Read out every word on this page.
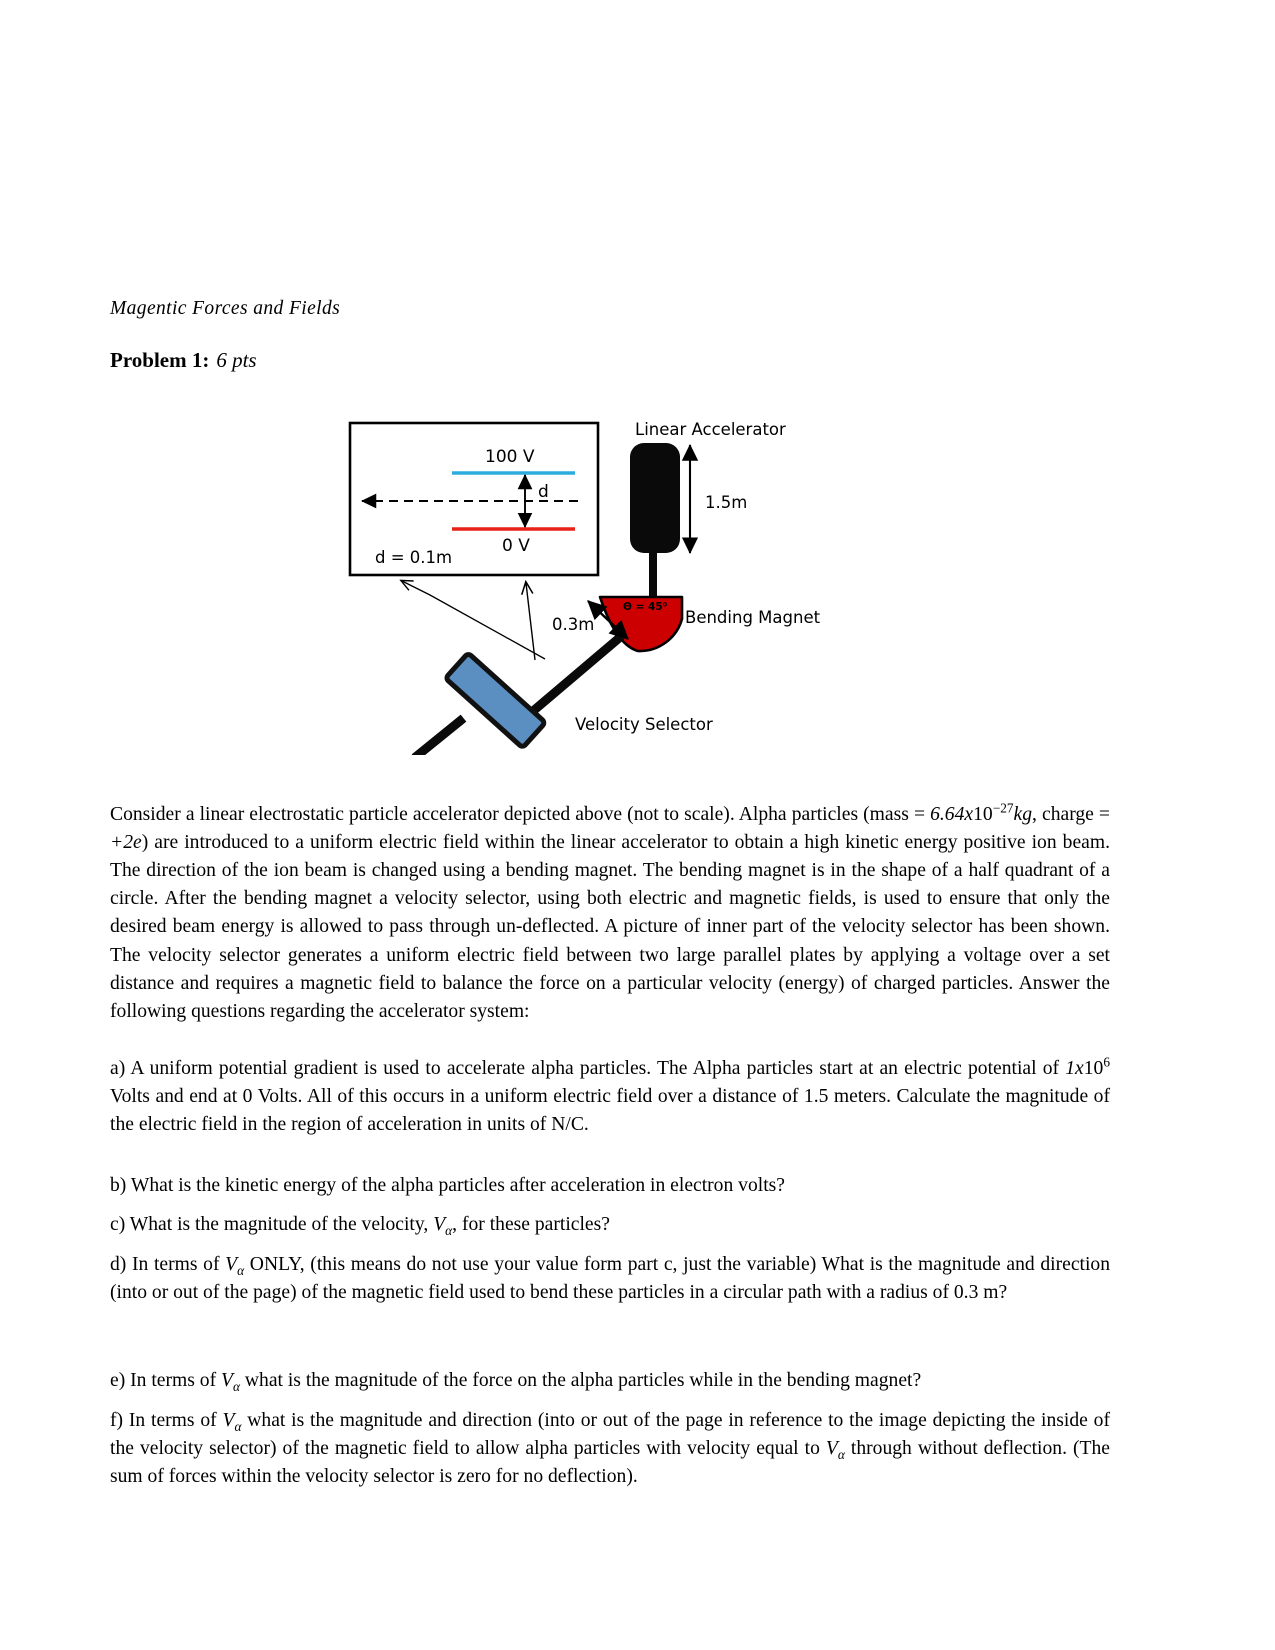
Magentic Forces and Fields
Problem 1: 6 pts
Linear Accelerator
1.5m
Bending Magnet
Velocity Selector
0.3m
Θ = 45⁰
100 V
0 V
d
d = 0.1m

Consider a linear electrostatic particle accelerator depicted above (not to scale). Alpha particles (mass = $6.64x10^{-27}kg$, charge = +2e) are introduced to a uniform electric field within the linear accelerator to obtain a high kinetic energy positive ion beam. The direction of the ion beam is changed using a bending magnet. The bending magnet is in the shape of a half quadrant of a circle. After the bending magnet a velocity selector, using both electric and magnetic fields, is used to ensure that only the desired beam energy is allowed to pass through un-deflected. A picture of inner part of the velocity selector has been shown. The velocity selector generates a uniform electric field between two large parallel plates by applying a voltage over a set distance and requires a magnetic field to balance the force on a particular velocity (energy) of charged particles. Answer the following questions regarding the accelerator system:

a) A uniform potential gradient is used to accelerate alpha particles. The Alpha particles start at an electric potential of $1x10^6$ Volts and end at 0 Volts. All of this occurs in a uniform electric field over a distance of 1.5 meters. Calculate the magnitude of the electric field in the region of acceleration in units of N/C.

b) What is the kinetic energy of the alpha particles after acceleration in electron volts?

c) What is the magnitude of the velocity, $V_\alpha$, for these particles?

d) In terms of $V_\alpha$ ONLY, (this means do not use your value form part c, just the variable) What is the magnitude and direction (into or out of the page) of the magnetic field used to bend these particles in a circular path with a radius of 0.3 m?

e) In terms of $V_\alpha$ what is the magnitude of the force on the alpha particles while in the bending magnet?

f) In terms of $V_\alpha$ what is the magnitude and direction (into or out of the page in reference to the image depicting the inside of the velocity selector) of the magnetic field to allow alpha particles with velocity equal to $V_\alpha$ through without deflection. (The sum of forces within the velocity selector is zero for no deflection).
